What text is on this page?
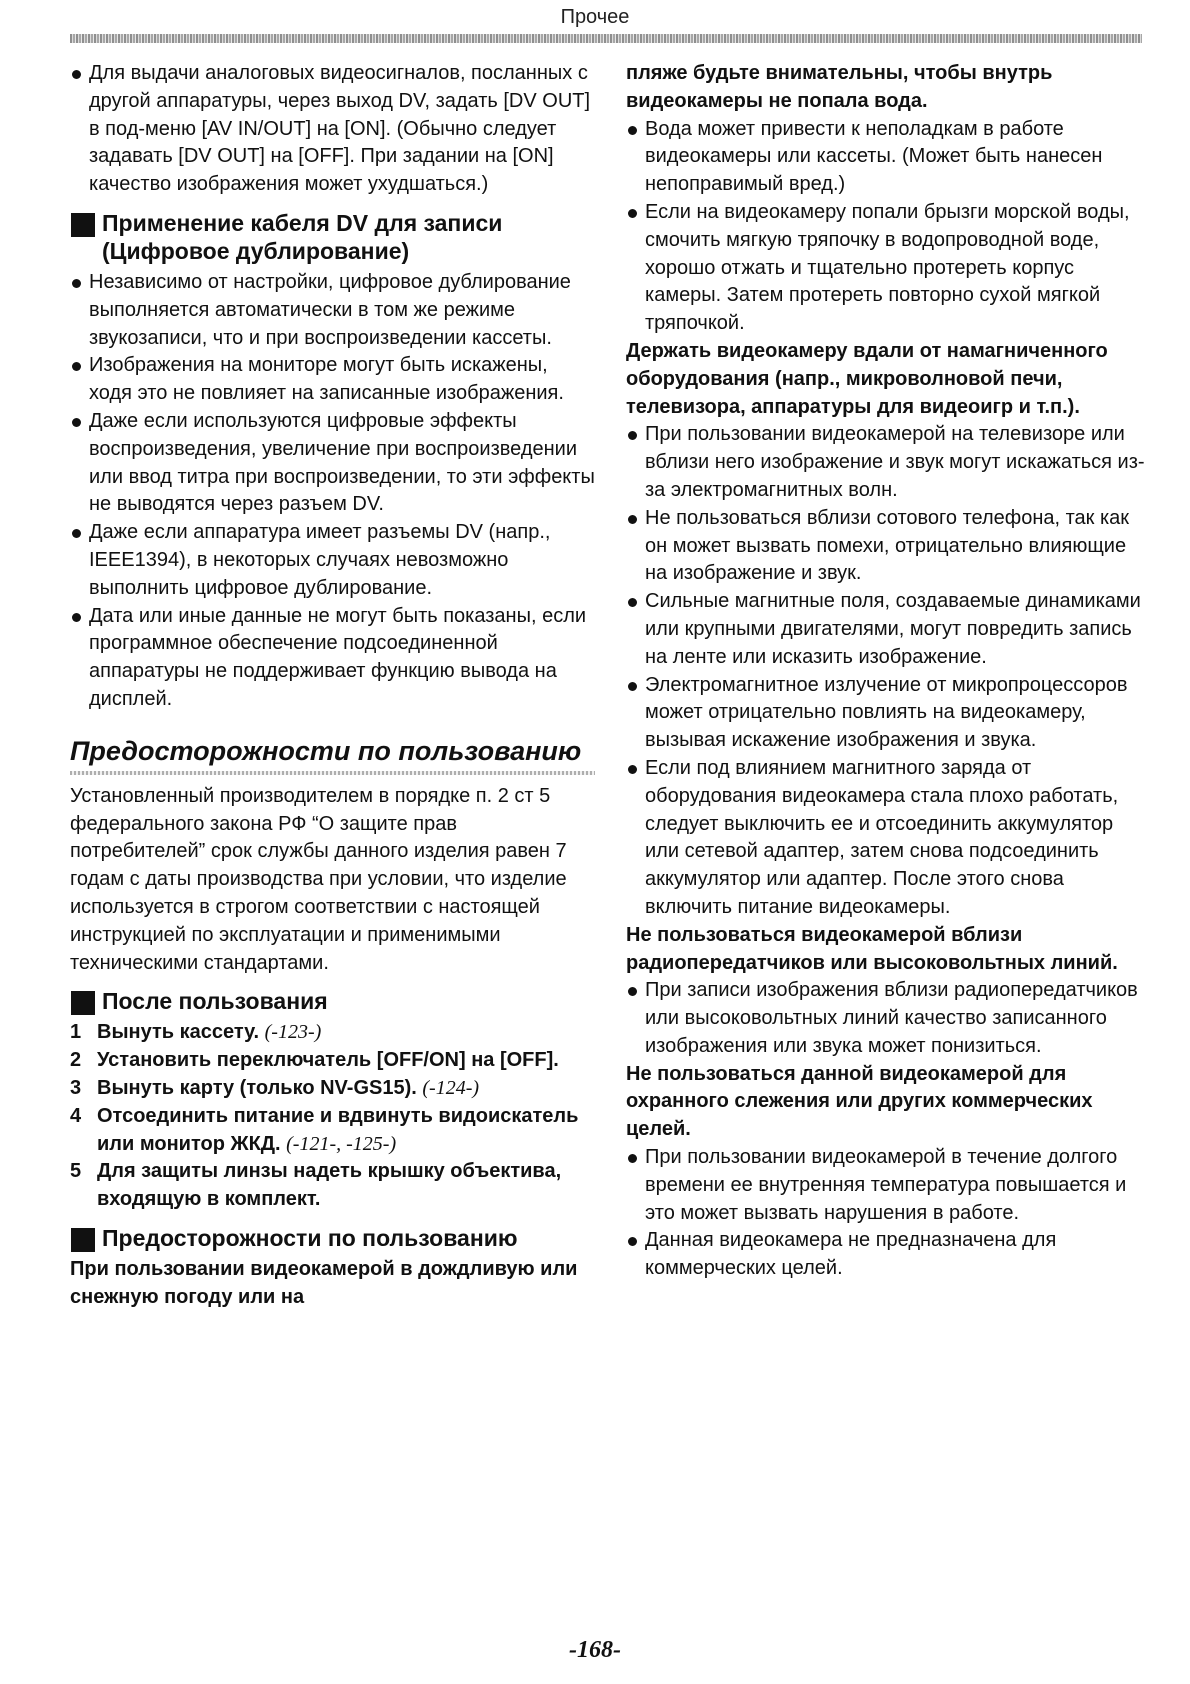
Прочее
Для выдачи аналоговых видеосигналов, посланных с другой аппаратуры, через выход DV, задать [DV OUT] в под-меню [AV IN/OUT] на [ON]. (Обычно следует задавать [DV OUT] на [OFF]. При задании на [ON] качество изображения может ухудшаться.)
Применение кабеля DV для записи (Цифровое дублирование)
Независимо от настройки, цифровое дублирование выполняется автоматически в том же режиме звукозаписи, что и при воспроизведении кассеты.
Изображения на мониторе могут быть искажены, ходя это не повлияет на записанные изображения.
Даже если используются цифровые эффекты воспроизведения, увеличение при воспроизведении или ввод титра при воспроизведении, то эти эффекты не выводятся через разъем DV.
Даже если аппаратура имеет разъемы DV (напр., IEEE1394), в некоторых случаях невозможно выполнить цифровое дублирование.
Дата или иные данные не могут быть показаны, если программное обеспечение подсоединенной аппаратуры не поддерживает функцию вывода на дисплей.
Предосторожности по пользованию
Установленный производителем в порядке п. 2 ст 5 федерального закона РФ “О защите прав потребителей” срок службы данного изделия равен 7 годам с даты производства при условии, что изделие используется в строгом соответствии с настоящей инструкцией по эксплуатации и применимыми техническими стандартами.
После пользования
1 Вынуть кассету. (-123-)
2 Установить переключатель [OFF/ON] на [OFF].
3 Вынуть карту (только NV-GS15). (-124-)
4 Отсоединить питание и вдвинуть видоискатель или монитор ЖКД. (-121-, -125-)
5 Для защиты линзы надеть крышку объектива, входящую в комплект.
Предосторожности по пользованию
При пользовании видеокамерой в дождливую или снежную погоду или на
пляже будьте внимательны, чтобы внутрь видеокамеры не попала вода.
Вода может привести к неполадкам в работе видеокамеры или кассеты. (Может быть нанесен непоправимый вред.)
Если на видеокамеру попали брызги морской воды, смочить мягкую тряпочку в водопроводной воде, хорошо отжать и тщательно протереть корпус камеры. Затем протереть повторно сухой мягкой тряпочкой.
Держать видеокамеру вдали от намагниченного оборудования (напр., микроволновой печи, телевизора, аппаратуры для видеоигр и т.п.).
При пользовании видеокамерой на телевизоре или вблизи него изображение и звук могут искажаться из-за электромагнитных волн.
Не пользоваться вблизи сотового телефона, так как он может вызвать помехи, отрицательно влияющие на изображение и звук.
Сильные магнитные поля, создаваемые динамиками или крупными двигателями, могут повредить запись на ленте или исказить изображение.
Электромагнитное излучение от микропроцессоров может отрицательно повлиять на видеокамеру, вызывая искажение изображения и звука.
Если под влиянием магнитного заряда от оборудования видеокамера стала плохо работать, следует выключить ее и отсоединить аккумулятор или сетевой адаптер, затем снова подсоединить аккумулятор или адаптер. После этого снова включить питание видеокамеры.
Не пользоваться видеокамерой вблизи радиопередатчиков или высоковольтных линий.
При записи изображения вблизи радиопередатчиков или высоковольтных линий качество записанного изображения или звука может понизиться.
Не пользоваться данной видеокамерой для охранного слежения или других коммерческих целей.
При пользовании видеокамерой в течение долгого времени ее внутренняя температура повышается и это может вызвать нарушения в работе.
Данная видеокамера не предназначена для коммерческих целей.
-168-
